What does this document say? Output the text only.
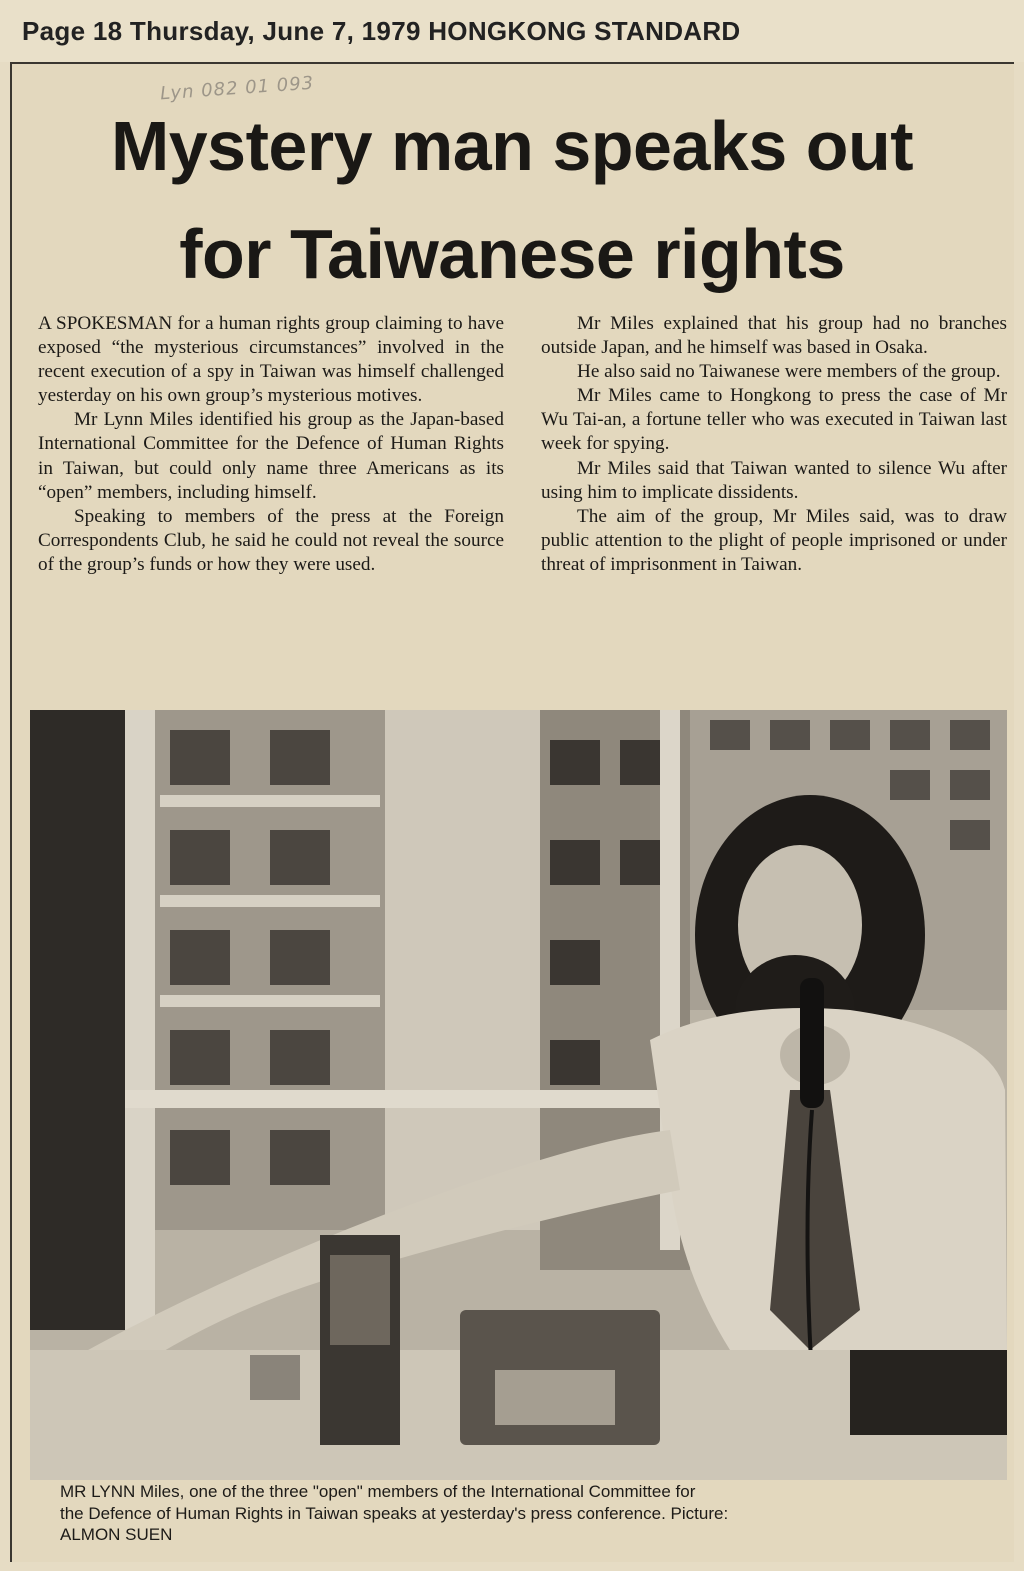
Page 18 Thursday, June 7, 1979 HONGKONG STANDARD
Lyn 082 01 093
Mystery man speaks out
for Taiwanese rights

A SPOKESMAN for a human rights group claiming to have exposed “the mysterious circumstances” involved in the recent execution of a spy in Taiwan was himself challenged yesterday on his own group’s mysterious motives.

Mr Lynn Miles identified his group as the Japan-based International Committee for the Defence of Human Rights in Taiwan, but could only name three Americans as its “open” members, including himself.

Speaking to members of the press at the Foreign Correspondents Club, he said he could not reveal the source of the group’s funds or how they were used.

Mr Miles explained that his group had no branches outside Japan, and he himself was based in Osaka.

He also said no Taiwanese were members of the group.

Mr Miles came to Hongkong to press the case of Mr Wu Tai-an, a fortune teller who was executed in Taiwan last week for spying.

Mr Miles said that Taiwan wanted to silence Wu after using him to implicate dissidents.

The aim of the group, Mr Miles said, was to draw public attention to the plight of people imprisoned or under threat of imprisonment in Taiwan.

MR LYNN Miles, one of the three "open" members of the International Committee for
the Defence of Human Rights in Taiwan speaks at yesterday's press conference. Picture:
ALMON SUEN
